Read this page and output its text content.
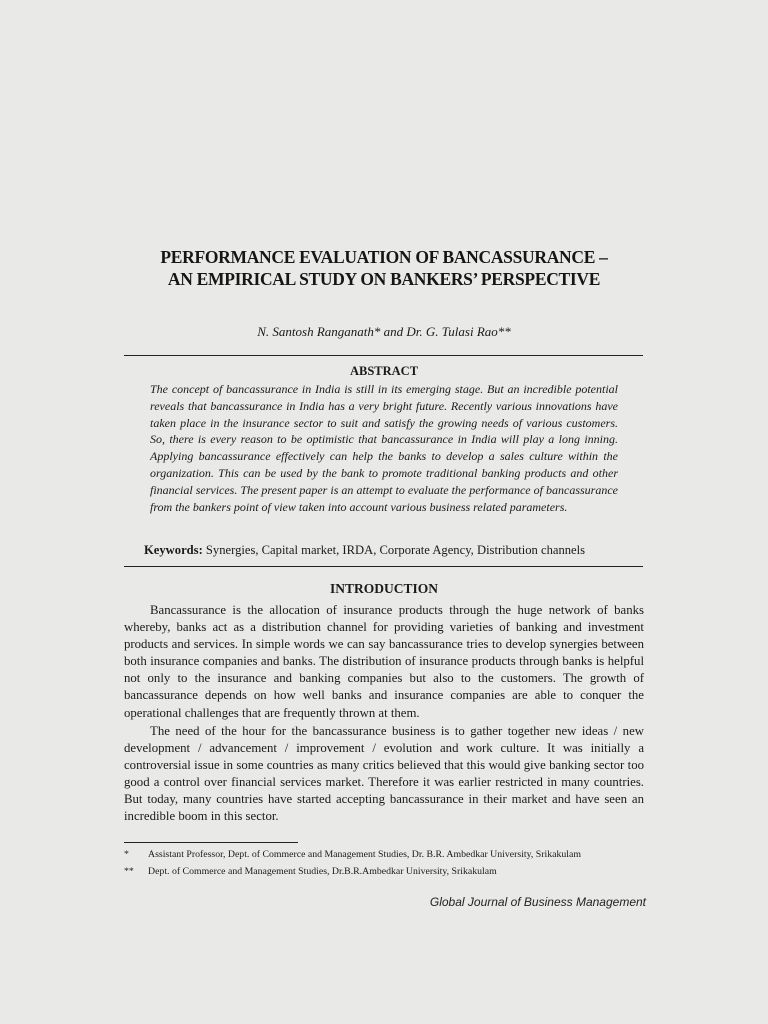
PERFORMANCE EVALUATION OF BANCASSURANCE –
AN EMPIRICAL STUDY ON BANKERS’ PERSPECTIVE
N. Santosh Ranganath* and Dr. G. Tulasi Rao**
ABSTRACT
The concept of bancassurance in India is still in its emerging stage. But an incredible potential reveals that bancassurance in India has a very bright future. Recently various innovations have taken place in the insurance sector to suit and satisfy the growing needs of various customers. So, there is every reason to be optimistic that bancassurance in India will play a long inning. Applying bancassurance effectively can help the banks to develop a sales culture within the organization. This can be used by the bank to promote traditional banking products and other financial services. The present paper is an attempt to evaluate the performance of bancassurance from the bankers point of view taken into account various business related parameters.
Keywords: Synergies, Capital market, IRDA, Corporate Agency, Distribution channels
INTRODUCTION

Bancassurance is the allocation of insurance products through the huge network of banks whereby, banks act as a distribution channel for providing varieties of banking and investment products and services. In simple words we can say bancassurance tries to develop synergies between both insurance companies and banks. The distribution of insurance products through banks is helpful not only to the insurance and banking companies but also to the customers. The growth of bancassurance depends on how well banks and insurance companies are able to conquer the operational challenges that are frequently thrown at them.

The need of the hour for the bancassurance business is to gather together new ideas / new development / advancement / improvement / evolution and work culture. It was initially a controversial issue in some countries as many critics believed that this would give banking sector too good a control over financial services market. Therefore it was earlier restricted in many countries. But today, many countries have started accepting bancassurance in their market and have seen an incredible boom in this sector.

*	Assistant Professor, Dept. of Commerce and Management Studies, Dr. B.R. Ambedkar University, Srikakulam
**	Dept. of Commerce and Management Studies, Dr.B.R.Ambedkar University, Srikakulam
Global Journal of Business Management
